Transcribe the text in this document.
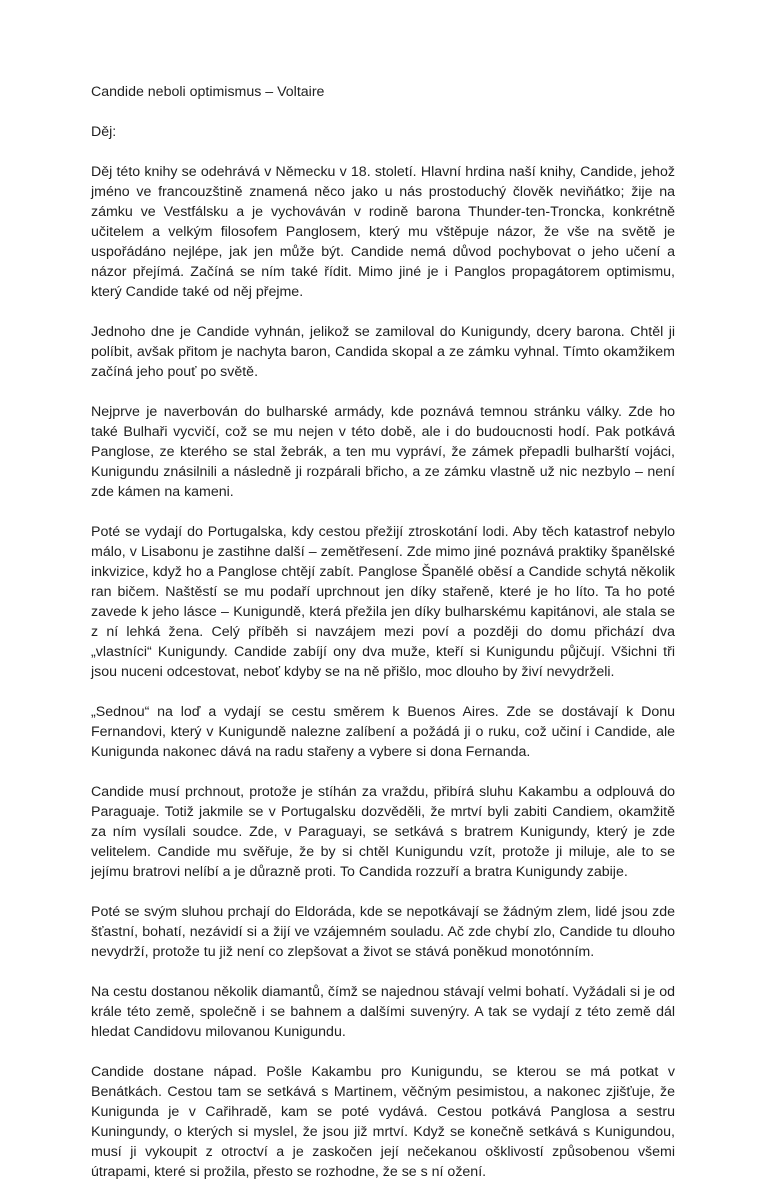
Candide neboli optimismus – Voltaire

Děj:

Děj této knihy se odehrává v Německu v 18. století. Hlavní hrdina naší knihy, Candide, jehož jméno ve francouzštině znamená něco jako u nás prostoduchý člověk neviňátko; žije na zámku ve Vestfálsku a je vychováván v rodině barona Thunder-ten-Troncka, konkrétně učitelem a velkým filosofem Panglosem, který mu vštěpuje názor, že vše na světě je uspořádáno nejlépe, jak jen může být. Candide nemá důvod pochybovat o jeho učení a názor přejímá. Začíná se ním také řídit. Mimo jiné je i Panglos propagátorem optimismu, který Candide také od něj přejme.

Jednoho dne je Candide vyhnán, jelikož se zamiloval do Kunigundy, dcery barona. Chtěl ji políbit, avšak přitom je nachyta baron, Candida skopal a ze zámku vyhnal. Tímto okamžikem začíná jeho pouť po světě.

Nejprve je naverbován do bulharské armády, kde poznává temnou stránku války. Zde ho také Bulhaři vycvičí, což se mu nejen v této době, ale i do budoucnosti hodí. Pak potkává Panglose, ze kterého se stal žebrák, a ten mu vypráví, že zámek přepadli bulharští vojáci, Kunigundu znásilnili a následně ji rozpárali břicho, a ze zámku vlastně už nic nezbylo – není zde kámen na kameni.

Poté se vydají do Portugalska, kdy cestou přežijí ztroskotání lodi. Aby těch katastrof nebylo málo, v Lisabonu je zastihne další – zemětřesení. Zde mimo jiné poznává praktiky španělské inkvizice, když ho a Panglose chtějí zabít. Panglose Španělé oběsí a Candide schytá několik ran bičem. Naštěstí se mu podaří uprchnout jen díky stařeně, které je ho líto. Ta ho poté zavede k jeho lásce – Kunigundě, která přežila jen díky bulharskému kapitánovi, ale stala se z ní lehká žena. Celý příběh si navzájem mezi poví a později do domu přichází dva „vlastníci“ Kunigundy. Candide zabíjí ony dva muže, kteří si Kunigundu půjčují. Všichni tři jsou nuceni odcestovat, neboť kdyby se na ně přišlo, moc dlouho by živí nevydrželi.

„Sednou“ na loď a vydají se cestu směrem k Buenos Aires. Zde se dostávají k Donu Fernandovi, který v Kunigundě nalezne zalíbení a požádá ji o ruku, což učiní i Candide, ale Kunigunda nakonec dává na radu stařeny a vybere si dona Fernanda.

Candide musí prchnout, protože je stíhán za vraždu, přibírá sluhu Kakambu a odplouvá do Paraguaje. Totiž jakmile se v Portugalsku dozvěděli, že mrtví byli zabiti Candiem, okamžitě za ním vysílali soudce. Zde, v Paraguayi, se setkává s bratrem Kunigundy, který je zde velitelem. Candide mu svěřuje, že by si chtěl Kunigundu vzít, protože ji miluje, ale to se jejímu bratrovi nelíbí a je důrazně proti. To Candida rozzuří a bratra Kunigundy zabije.

Poté se svým sluhou prchají do Eldoráda, kde se nepotkávají se žádným zlem, lidé jsou zde šťastní, bohatí, nezávidí si a žijí ve vzájemném souladu. Ač zde chybí zlo, Candide tu dlouho nevydrží, protože tu již není co zlepšovat a život se stává poněkud monotónním.

Na cestu dostanou několik diamantů, čímž se najednou stávají velmi bohatí. Vyžádali si je od krále této země, společně i se bahnem a dalšími suvenýry. A tak se vydají z této země dál hledat Candidovu milovanou Kunigundu.

Candide dostane nápad. Pošle Kakambu pro Kunigundu, se kterou se má potkat v Benátkách. Cestou tam se setkává s Martinem, věčným pesimistou, a nakonec zjišťuje, že Kunigunda je v Cařihradě, kam se poté vydává. Cestou potkává Panglosa a sestru Kuningundy, o kterých si myslel, že jsou již mrtví. Když se konečně setkává s Kunigundou, musí ji vykoupit z otroctví a je zaskočen její nečekanou ošklivostí způsobenou všemi útrapami, které si prožila, přesto se rozhodne, že se s ní ožení.
